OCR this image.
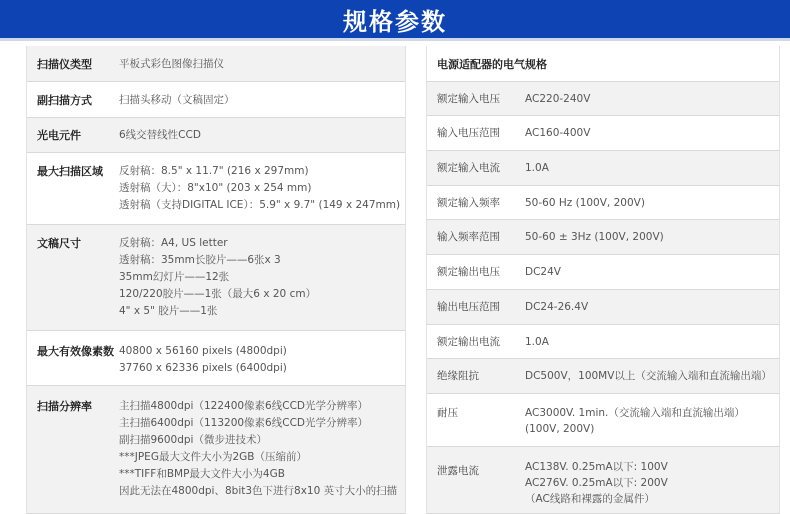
规格参数
扫描仪类型	平板式彩色图像扫描仪
副扫描方式	扫描头移动（文稿固定）
光电元件	6线交替线性CCD
最大扫描区域 反射稿：8.5" x 11.7" (216 x 297mm)
透射稿（大）：8"x10" (203 x 254 mm)
透射稿（支持DIGITAL ICE）：5.9" x 9.7" (149 x 247mm)
文稿尺寸	反射稿：A4, US letter
透射稿：35mm长胶片——6张x 3
35mm幻灯片——12张
120/220胶片——1张（最大6 x 20 cm）
4" x 5" 胶片——1张
最大有效像素数 40800 x 56160 pixels (4800dpi)
37760 x 62336 pixels (6400dpi)
扫描分辨率	主扫描4800dpi（122400像素6线CCD光学分辨率）
主扫描6400dpi（113200像素6线CCD光学分辨率）
副扫描9600dpi（微步进技术）
***JPEG最大文件大小为2GB（压缩前）
***TIFF和BMP最大文件大小为4GB
因此无法在4800dpi、8bit3色下进行8x10 英寸大小的扫描
电源适配器的电气规格
额定输入电压 AC220-240V
输入电压范围 AC160-400V
额定输入电流 1.0A
额定输入频率 50-60 Hz (100V, 200V)
输入频率范围 50-60 ± 3Hz (100V, 200V)
额定输出电压 DC24V
输出电压范围 DC24-26.4V
额定输出电流 1.0A
绝缘阻抗	DC500V，100MV以上（交流输入端和直流输出端）
耐压	AC3000V. 1min.（交流输入端和直流输出端）
(100V, 200V)
泄露电流	AC138V. 0.25mA以下: 100V
AC276V. 0.25mA以下: 200V
（AC线路和裸露的金属件）
